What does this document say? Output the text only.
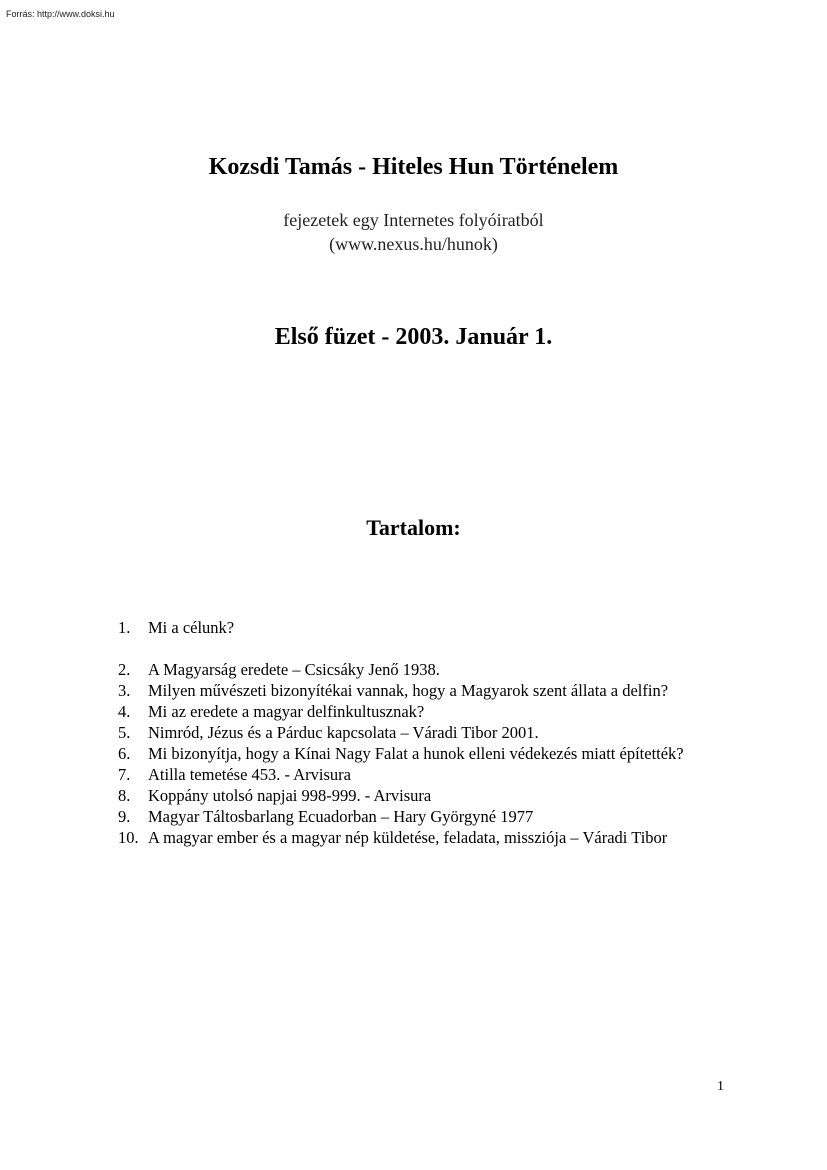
Forrás: http://www.doksi.hu
Kozsdi Tamás - Hiteles Hun Történelem
fejezetek egy Internetes folyóiratból
(www.nexus.hu/hunok)
Első füzet - 2003. Január 1.
Tartalom:
1.	Mi a célunk?
2.	A Magyarság eredete – Csicsáky Jenő 1938.
3.	Milyen művészeti bizonyítékai vannak, hogy a Magyarok szent állata a delfin?
4.	Mi az eredete a magyar delfinkultusznak?
5.	Nimród, Jézus és a Párduc kapcsolata – Váradi Tibor 2001.
6.	Mi bizonyítja, hogy a Kínai Nagy Falat a hunok elleni védekezés miatt építették?
7.	Atilla temetése 453. - Arvisura
8.	Koppány utolsó napjai 998-999. - Arvisura
9.	Magyar Táltosbarlang Ecuadorban – Hary Györgyné 1977
10. A magyar ember és a magyar nép küldetése, feladata, missziója – Váradi Tibor
1
